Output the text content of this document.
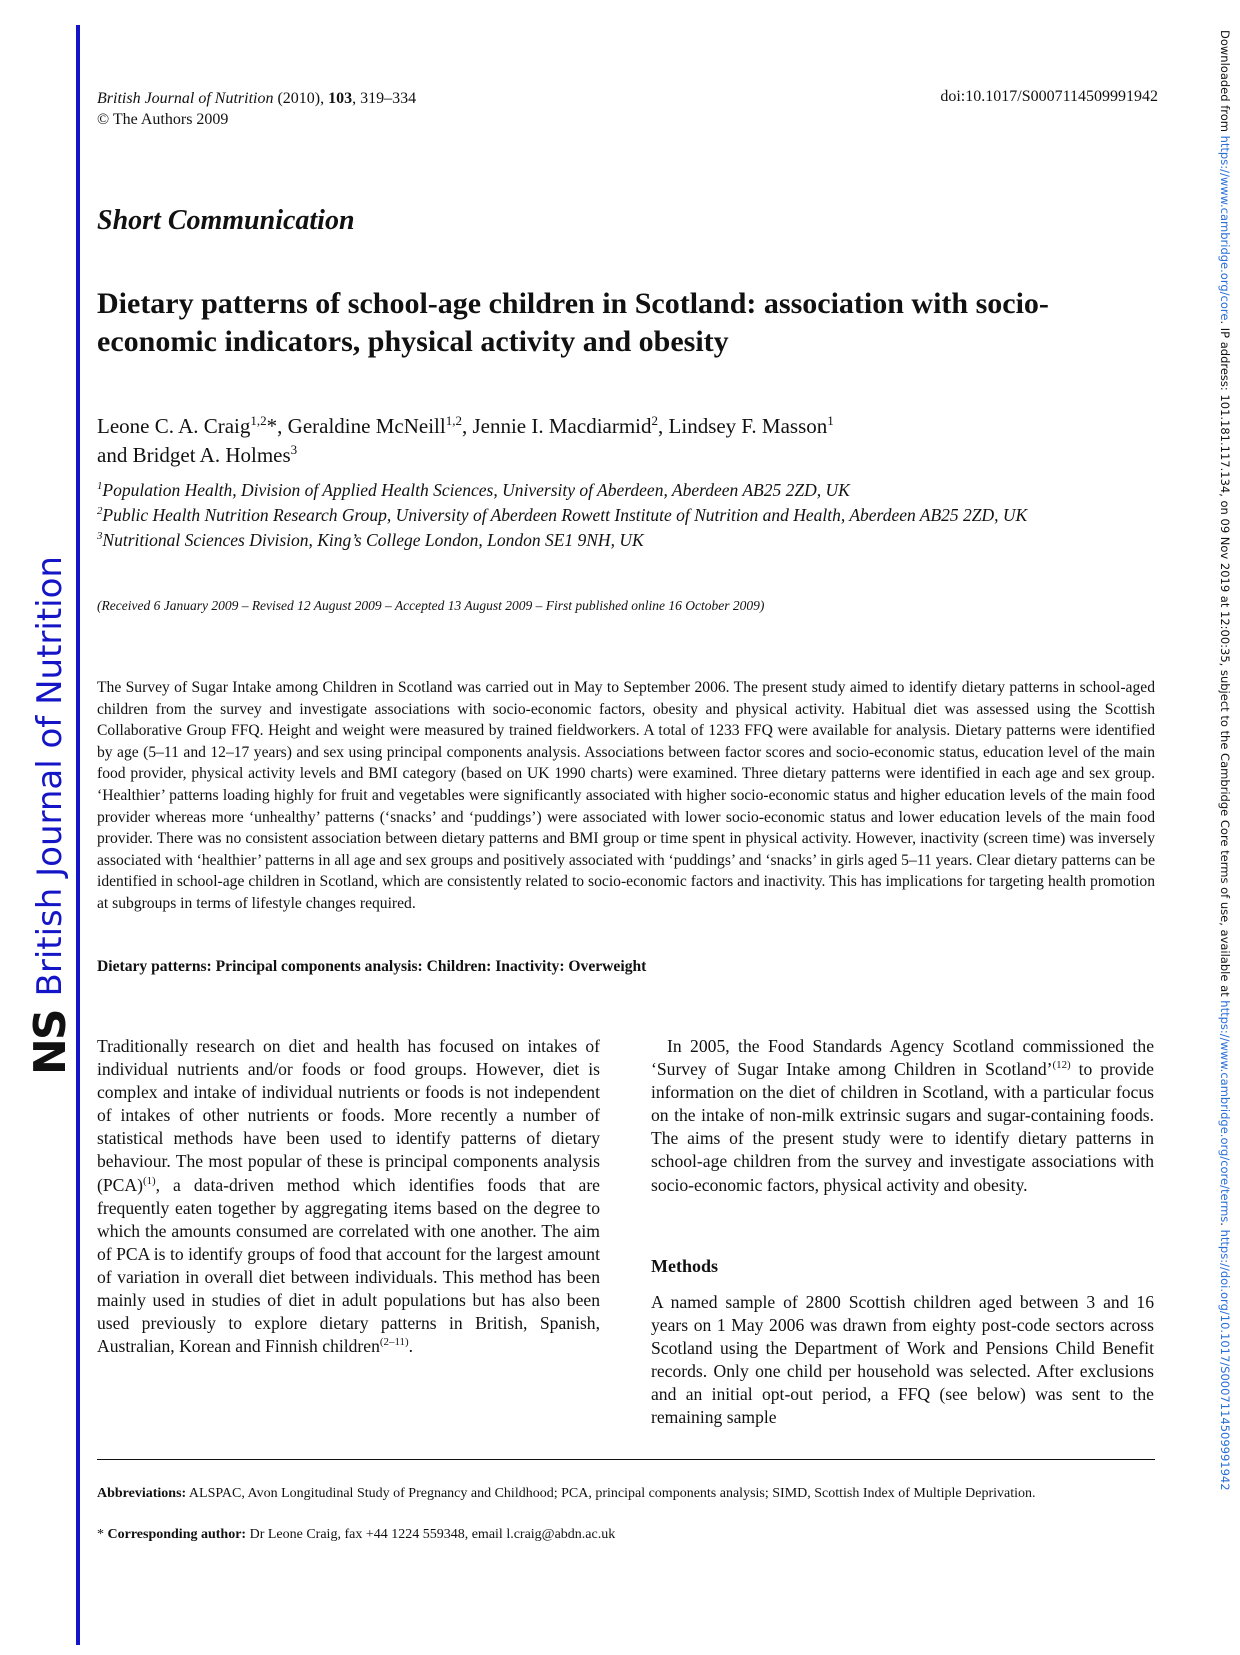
NS
British Journal of Nutrition
Downloaded from https://www.cambridge.org/core. IP address: 101.181.117.134, on 09 Nov 2019 at 12:00:35, subject to the Cambridge Core terms of use, available at https://www.cambridge.org/core/terms. https://doi.org/10.1017/S0007114509991942
British Journal of Nutrition (2010), 103, 319–334
© The Authors 2009
doi:10.1017/S0007114509991942
Short Communication
Dietary patterns of school-age children in Scotland: association with socio-economic indicators, physical activity and obesity
Leone C. A. Craig$^{1,2}$*, Geraldine McNeill$^{1,2}$, Jennie I. Macdiarmid$^2$, Lindsey F. Masson$^1$
and Bridget A. Holmes$^3$
$^1$Population Health, Division of Applied Health Sciences, University of Aberdeen, Aberdeen AB25 2ZD, UK
$^2$Public Health Nutrition Research Group, University of Aberdeen Rowett Institute of Nutrition and Health, Aberdeen AB25 2ZD, UK
$^3$Nutritional Sciences Division, King’s College London, London SE1 9NH, UK
(Received 6 January 2009 – Revised 12 August 2009 – Accepted 13 August 2009 – First published online 16 October 2009)

The Survey of Sugar Intake among Children in Scotland was carried out in May to September 2006. The present study aimed to identify dietary patterns in school-aged children from the survey and investigate associations with socio-economic factors, obesity and physical activity. Habitual diet was assessed using the Scottish Collaborative Group FFQ. Height and weight were measured by trained fieldworkers. A total of 1233 FFQ were available for analysis. Dietary patterns were identified by age (5–11 and 12–17 years) and sex using principal components analysis. Associations between factor scores and socio-economic status, education level of the main food provider, physical activity levels and BMI category (based on UK 1990 charts) were examined. Three dietary patterns were identified in each age and sex group. ‘Healthier’ patterns loading highly for fruit and vegetables were significantly associated with higher socio-economic status and higher education levels of the main food provider whereas more ‘unhealthy’ patterns (‘snacks’ and ‘puddings’) were associated with lower socio-economic status and lower education levels of the main food provider. There was no consistent association between dietary patterns and BMI group or time spent in physical activity. However, inactivity (screen time) was inversely associated with ‘healthier’ patterns in all age and sex groups and positively associated with ‘puddings’ and ‘snacks’ in girls aged 5–11 years. Clear dietary patterns can be identified in school-age children in Scotland, which are consistently related to socio-economic factors and inactivity. This has implications for targeting health promotion at subgroups in terms of lifestyle changes required.

Dietary patterns: Principal components analysis: Children: Inactivity: Overweight

Traditionally research on diet and health has focused on intakes of individual nutrients and/or foods or food groups. However, diet is complex and intake of individual nutrients or foods is not independent of intakes of other nutrients or foods. More recently a number of statistical methods have been used to identify patterns of dietary behaviour. The most popular of these is principal components analysis (PCA)$^{(1)}$, a data-driven method which identifies foods that are frequently eaten together by aggregating items based on the degree to which the amounts consumed are correlated with one another. The aim of PCA is to identify groups of food that account for the largest amount of variation in overall diet between individuals. This method has been mainly used in studies of diet in adult populations but has also been used previously to explore dietary patterns in British, Spanish, Australian, Korean and Finnish children$^{(2-11)}$.

In 2005, the Food Standards Agency Scotland commissioned the ‘Survey of Sugar Intake among Children in Scotland’$^{(12)}$ to provide information on the diet of children in Scotland, with a particular focus on the intake of non-milk extrinsic sugars and sugar-containing foods. The aims of the present study were to identify dietary patterns in school-age children from the survey and investigate associations with socio-economic factors, physical activity and obesity.

Methods

A named sample of 2800 Scottish children aged between 3 and 16 years on 1 May 2006 was drawn from eighty post-code sectors across Scotland using the Department of Work and Pensions Child Benefit records. Only one child per household was selected. After exclusions and an initial opt-out period, a FFQ (see below) was sent to the remaining sample

Abbreviations: ALSPAC, Avon Longitudinal Study of Pregnancy and Childhood; PCA, principal components analysis; SIMD, Scottish Index of Multiple Deprivation.
* Corresponding author: Dr Leone Craig, fax +44 1224 559348, email l.craig@abdn.ac.uk
